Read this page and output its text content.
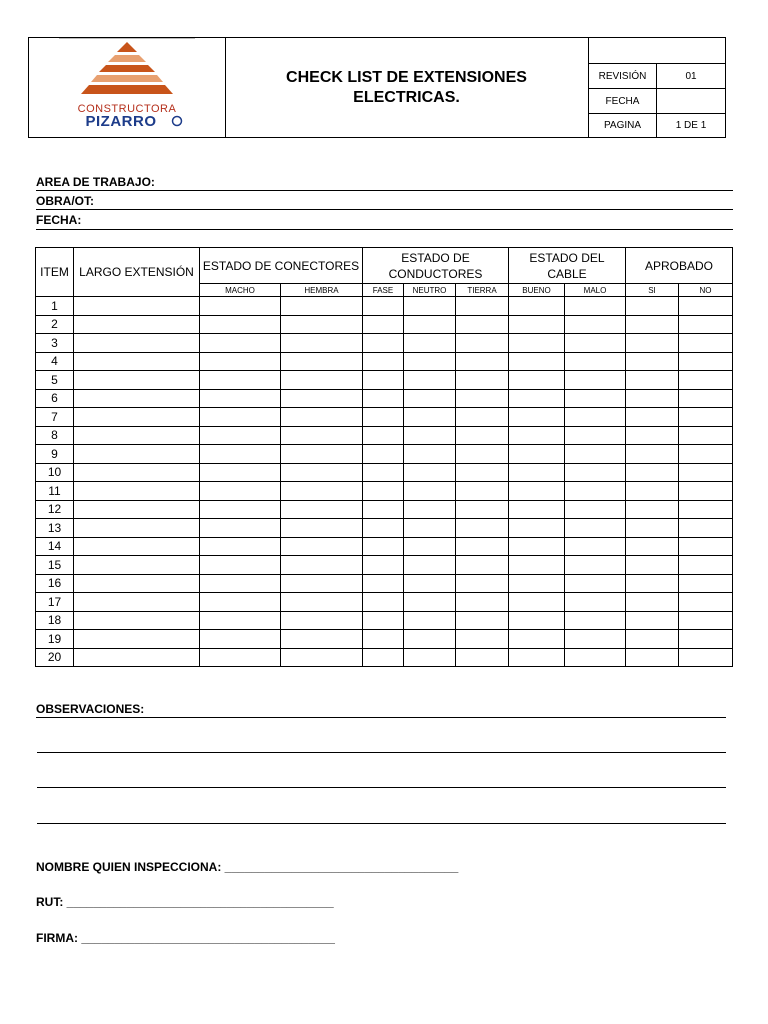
CONSTRUCTORA
PIZARRO
CHECK LIST DE EXTENSIONES ELECTRICAS.
REVISIÓN	01
FECHA
PAGINA	1 DE 1
AREA DE TRABAJO:
OBRA/OT:
FECHA:
ITEM	LARGO EXTENSIÓN	ESTADO DE CONECTORES		ESTADO DE CONDUCTORES			ESTADO DEL CABLE		APROBADO	
		MACHO	HEMBRA	FASE	NEUTRO	TIERRA	BUENO	MALO	SI	NO
1										
2										
3										
4										
5										
6										
7										
8										
9										
10										
11										
12										
13										
14										
15										
16										
17										
18										
19										
20										
OBSERVACIONES:
NOMBRE QUIEN INSPECCIONA: ___________________________________
RUT: ________________________________________
FIRMA: ______________________________________
